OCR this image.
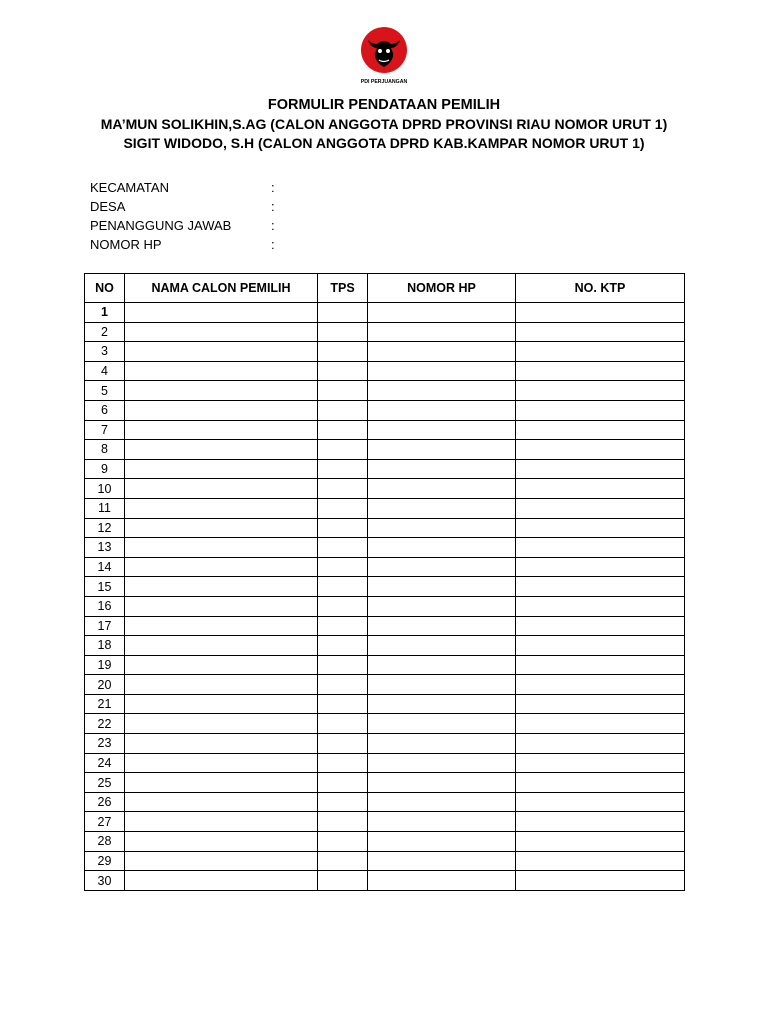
PDI PERJUANGAN
FORMULIR PENDATAAN PEMILIH
MA’MUN SOLIKHIN,S.AG (CALON ANGGOTA DPRD PROVINSI RIAU NOMOR URUT 1)
SIGIT WIDODO, S.H (CALON ANGGOTA DPRD KAB.KAMPAR NOMOR URUT 1)
KECAMATAN	:
DESA	:
PENANGGUNG JAWAB	:
NOMOR HP	:
NO	NAMA CALON PEMILIH	TPS	NOMOR HP	NO. KTP
1				
2				
3				
4				
5				
6				
7				
8				
9				
10				
11				
12				
13				
14				
15				
16				
17				
18				
19				
20				
21				
22				
23				
24				
25				
26				
27				
28				
29				
30				
